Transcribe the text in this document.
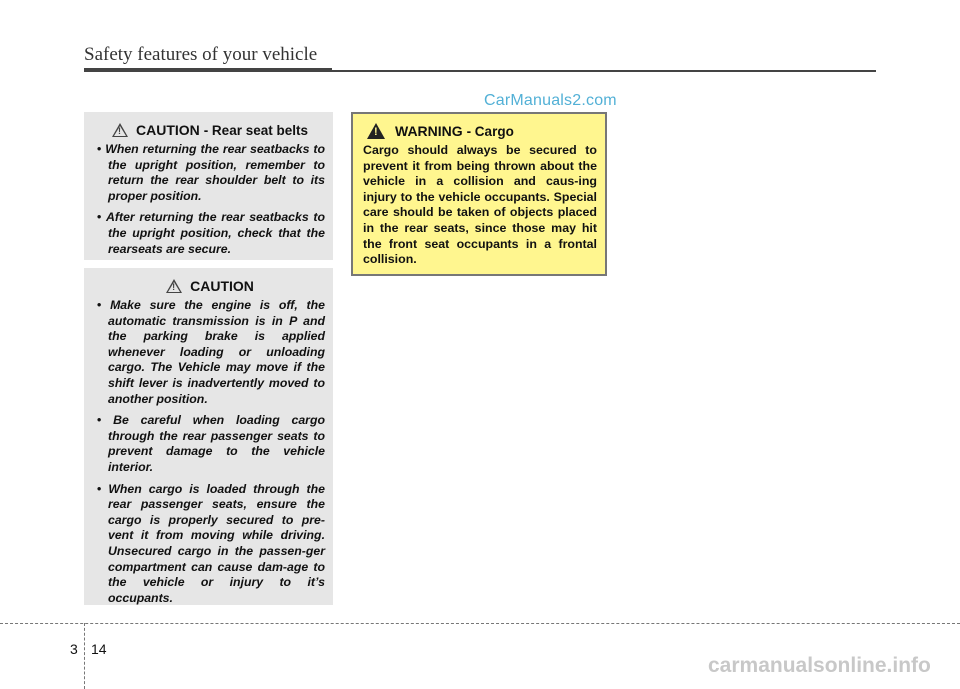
Safety features of your vehicle
CarManuals2.com
!
CAUTION
- Rear seat belts
• When returning the rear seatbacks to the upright position, remember to return the rear shoulder belt to its proper position.
• After returning the rear seatbacks to the upright position, check that the rearseats are secure.
!
CAUTION
• Make sure the engine is off, the automatic transmission is in P and the parking brake is applied whenever loading or unloading cargo. The Vehicle may move if the shift lever is inadvertently moved to another position.
• Be careful when loading cargo through the rear passenger seats to prevent damage to the vehicle interior.
• When cargo is loaded through the rear passenger seats, ensure the cargo is properly secured to pre-vent it from moving while driving. Unsecured cargo in the passen-ger compartment can cause dam-age to the vehicle or injury to it’s occupants.
!
WARNING
- Cargo

Cargo should always be secured to prevent it from being thrown about the vehicle in a collision and caus-ing injury to the vehicle occupants. Special care should be taken of objects placed in the rear seats, since those may hit the front seat occupants in a frontal collision.

3 14
carmanualsonline.info
